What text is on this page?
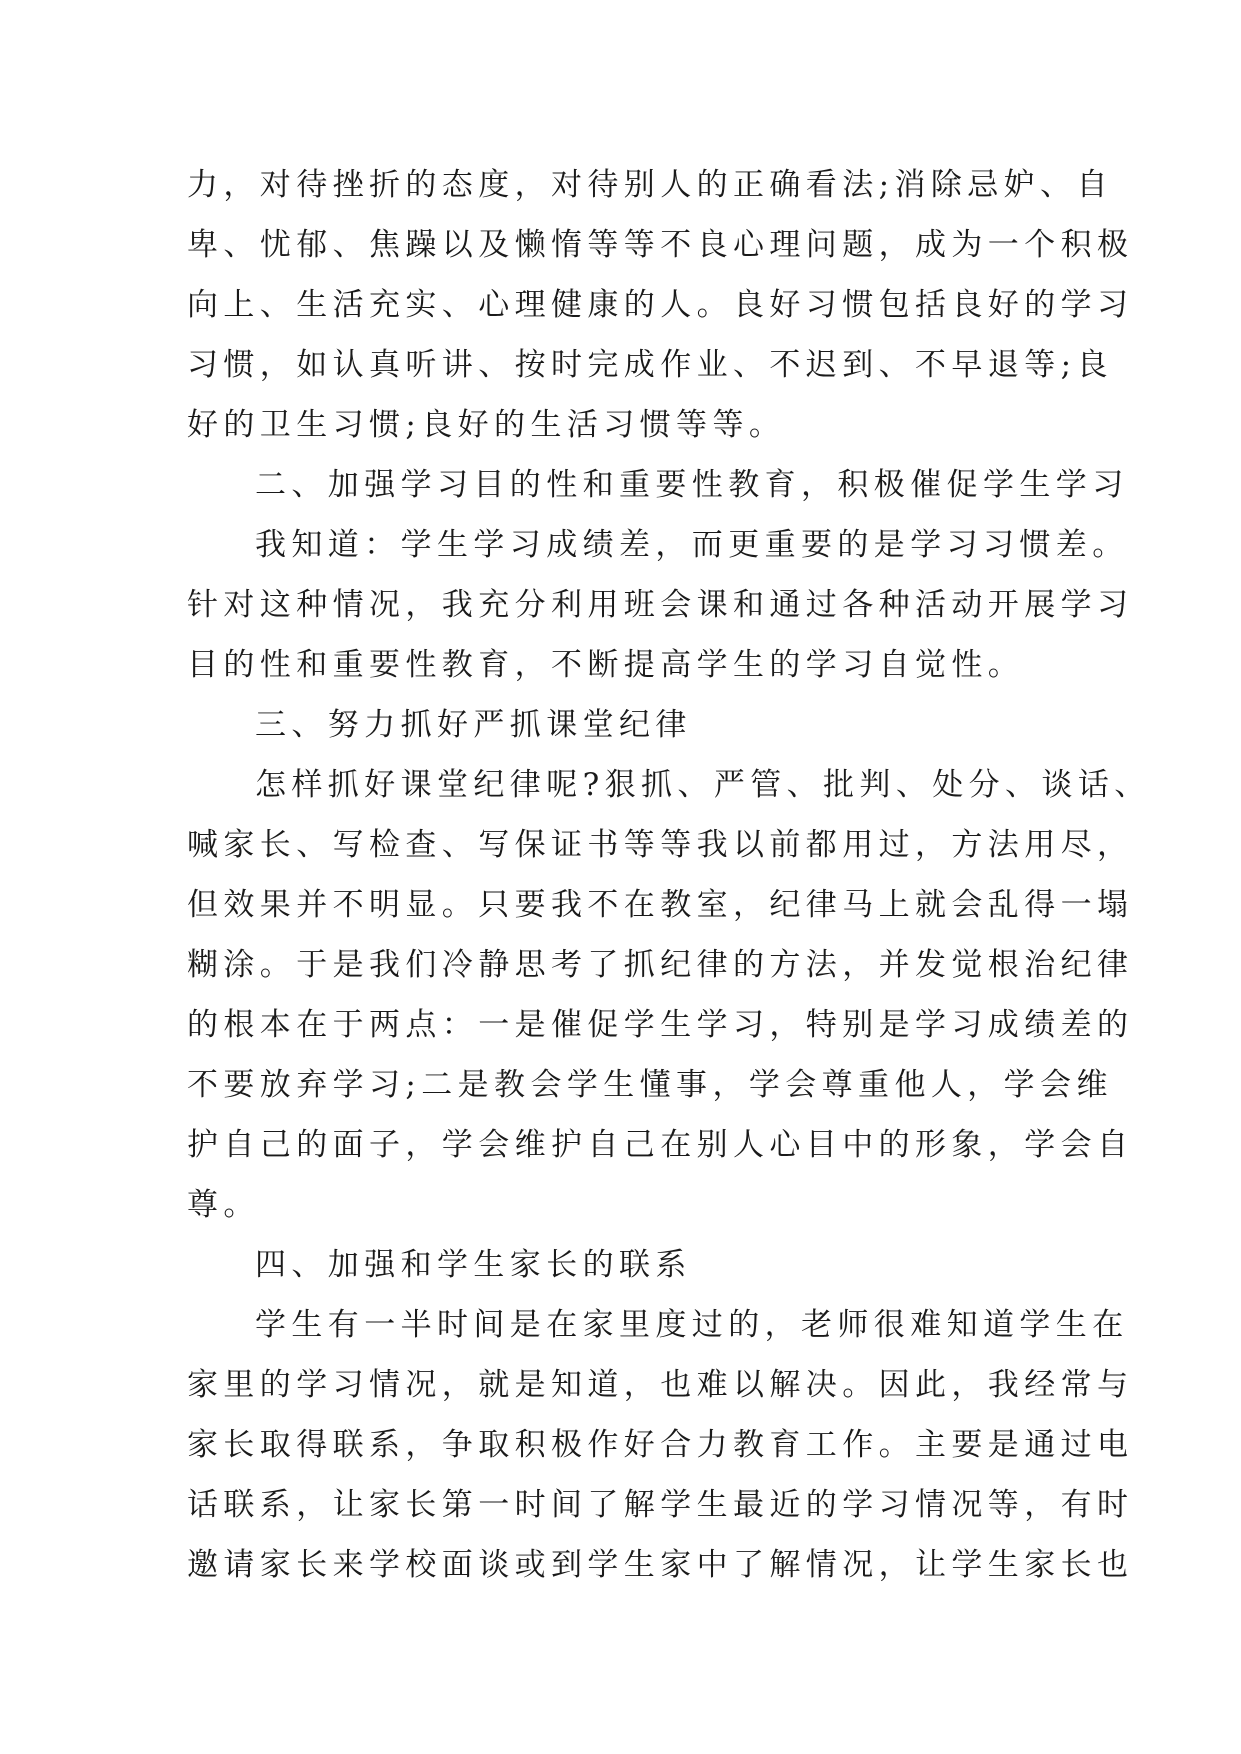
力，对待挫折的态度，对待别人的正确看法;消除忌妒、自
卑、忧郁、焦躁以及懒惰等等不良心理问题，成为一个积极
向上、生活充实、心理健康的人。良好习惯包括良好的学习
习惯，如认真听讲、按时完成作业、不迟到、不早退等;良
好的卫生习惯;良好的生活习惯等等。
二、加强学习目的性和重要性教育，积极催促学生学习
我知道：学生学习成绩差，而更重要的是学习习惯差。
针对这种情况，我充分利用班会课和通过各种活动开展学习
目的性和重要性教育，不断提高学生的学习自觉性。
三、努力抓好严抓课堂纪律
怎样抓好课堂纪律呢?狠抓、严管、批判、处分、谈话、
喊家长、写检查、写保证书等等我以前都用过，方法用尽，
但效果并不明显。只要我不在教室，纪律马上就会乱得一塌
糊涂。于是我们冷静思考了抓纪律的方法，并发觉根治纪律
的根本在于两点：一是催促学生学习，特别是学习成绩差的
不要放弃学习;二是教会学生懂事，学会尊重他人，学会维
护自己的面子，学会维护自己在别人心目中的形象，学会自
尊。
四、加强和学生家长的联系
学生有一半时间是在家里度过的，老师很难知道学生在
家里的学习情况，就是知道，也难以解决。因此，我经常与
家长取得联系，争取积极作好合力教育工作。主要是通过电
话联系，让家长第一时间了解学生最近的学习情况等，有时
邀请家长来学校面谈或到学生家中了解情况，让学生家长也
